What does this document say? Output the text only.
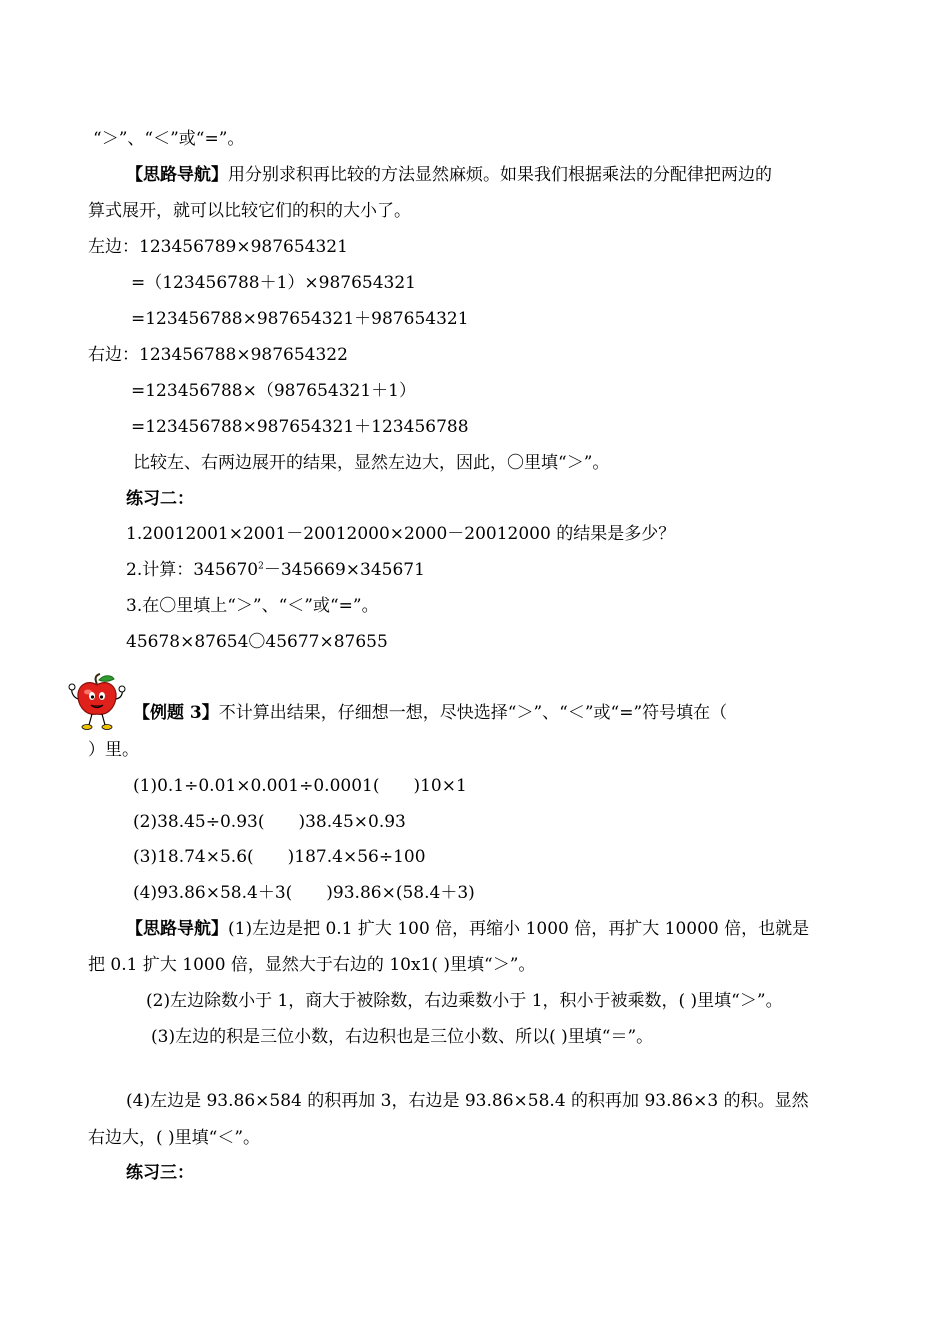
“＞”、“＜”或“=”。
【思路导航】用分别求积再比较的方法显然麻烦。如果我们根据乘法的分配律把两边的
算式展开，就可以比较它们的积的大小了。
左边：123456789×987654321
=（123456788＋1）×987654321
=123456788×987654321＋987654321
右边：123456788×987654322
=123456788×（987654321＋1）
=123456788×987654321＋123456788
比较左、右两边展开的结果，显然左边大，因此，〇里填“＞”。
练习二：
1.20012001×2001－20012000×2000－20012000 的结果是多少？
2.计算：$345670^2-345669\times 345671$
3.在〇里填上“＞”、“＜”或“=”。
45678×87654〇45677×87655
【例题 3】不计算出结果，仔细想一想，尽快选择“＞”、“＜”或“=”符号填在（
）里。
(1)0.1÷0.01×0.001÷0.0001(　　)10×1
(2)38.45÷0.93(　　)38.45×0.93
(3)18.74×5.6(　　)187.4×56÷100
(4)93.86×58.4＋3(　　)93.86×(58.4＋3)
【思路导航】(1)左边是把 0.1 扩大 100 倍，再缩小 1000 倍，再扩大 10000 倍，也就是
把 0.1 扩大 1000 倍，显然大于右边的 10x1( )里填“＞”。
(2)左边除数小于 1，商大于被除数，右边乘数小于 1，积小于被乘数，( )里填“＞”。
(3)左边的积是三位小数，右边积也是三位小数、所以( )里填“＝”。
(4)左边是 93.86×584 的积再加 3，右边是 93.86×58.4 的积再加 93.86×3 的积。显然
右边大，( )里填“＜”。
练习三：
